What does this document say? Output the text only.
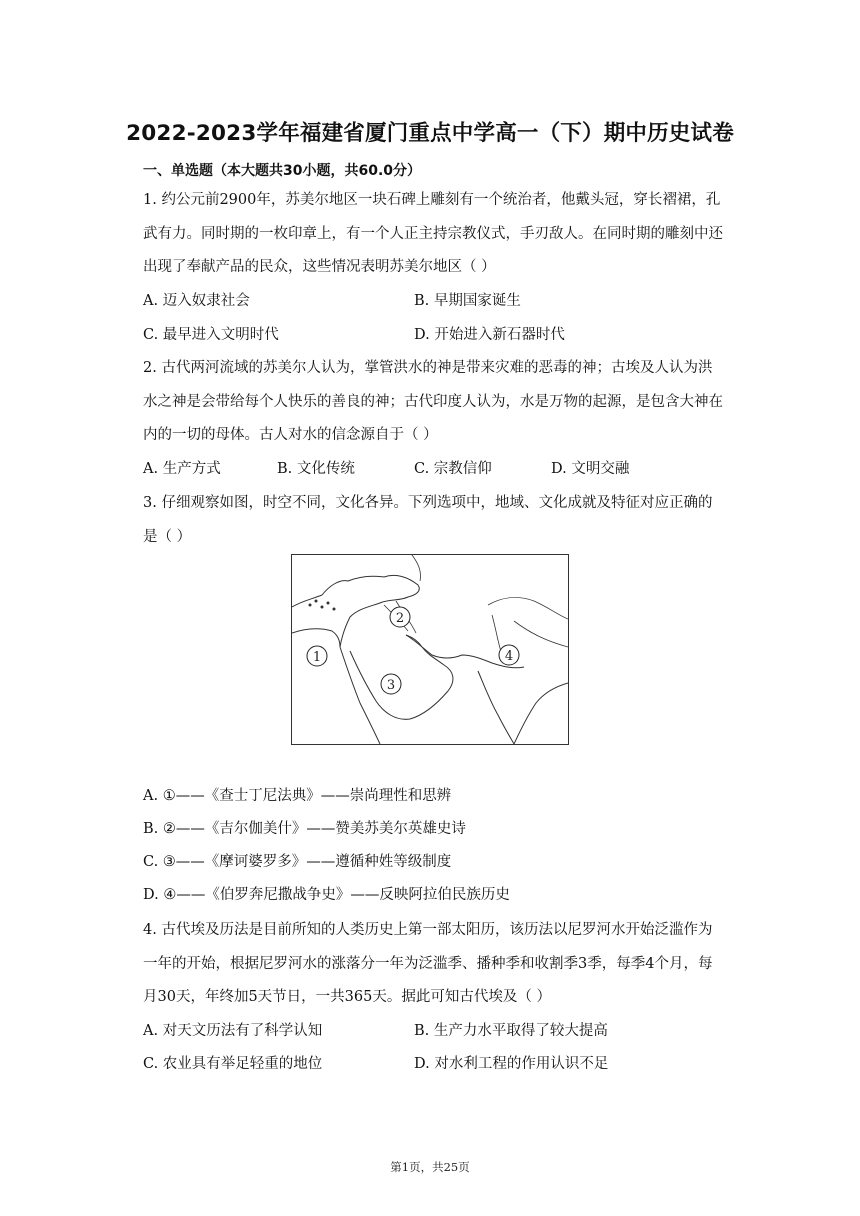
2022-2023学年福建省厦门重点中学高一（下）期中历史试卷
一、单选题（本大题共30小题，共60.0分）
1. 约公元前2900年，苏美尔地区一块石碑上雕刻有一个统治者，他戴头冠，穿长褶裙，孔
武有力。同时期的一枚印章上，有一个人正主持宗教仪式，手刃敌人。在同时期的雕刻中还
出现了奉献产品的民众，这些情况表明苏美尔地区（ ）
A. 迈入奴隶社会	B. 早期国家诞生
C. 最早进入文明时代	D. 开始进入新石器时代
2. 古代两河流域的苏美尔人认为，掌管洪水的神是带来灾难的恶毒的神；古埃及人认为洪
水之神是会带给每个人快乐的善良的神；古代印度人认为，水是万物的起源，是包含大神在
内的一切的母体。古人对水的信念源自于（ ）
A. 生产方式	B. 文化传统	C. 宗教信仰	D. 文明交融
3. 仔细观察如图，时空不同，文化各异。下列选项中，地域、文化成就及特征对应正确的
是（ ）
1
2
3
4
A. ①——《查士丁尼法典》——崇尚理性和思辨
B. ②——《吉尔伽美什》——赞美苏美尔英雄史诗
C. ③——《摩诃婆罗多》——遵循种姓等级制度
D. ④——《伯罗奔尼撒战争史》——反映阿拉伯民族历史
4. 古代埃及历法是目前所知的人类历史上第一部太阳历，该历法以尼罗河水开始泛滥作为
一年的开始，根据尼罗河水的涨落分一年为泛滥季、播种季和收割季3季，每季4个月，每
月30天，年终加5天节日，一共365天。据此可知古代埃及（ ）
A. 对天文历法有了科学认知	B. 生产力水平取得了较大提高
C. 农业具有举足轻重的地位	D. 对水利工程的作用认识不足
第1页，共25页
